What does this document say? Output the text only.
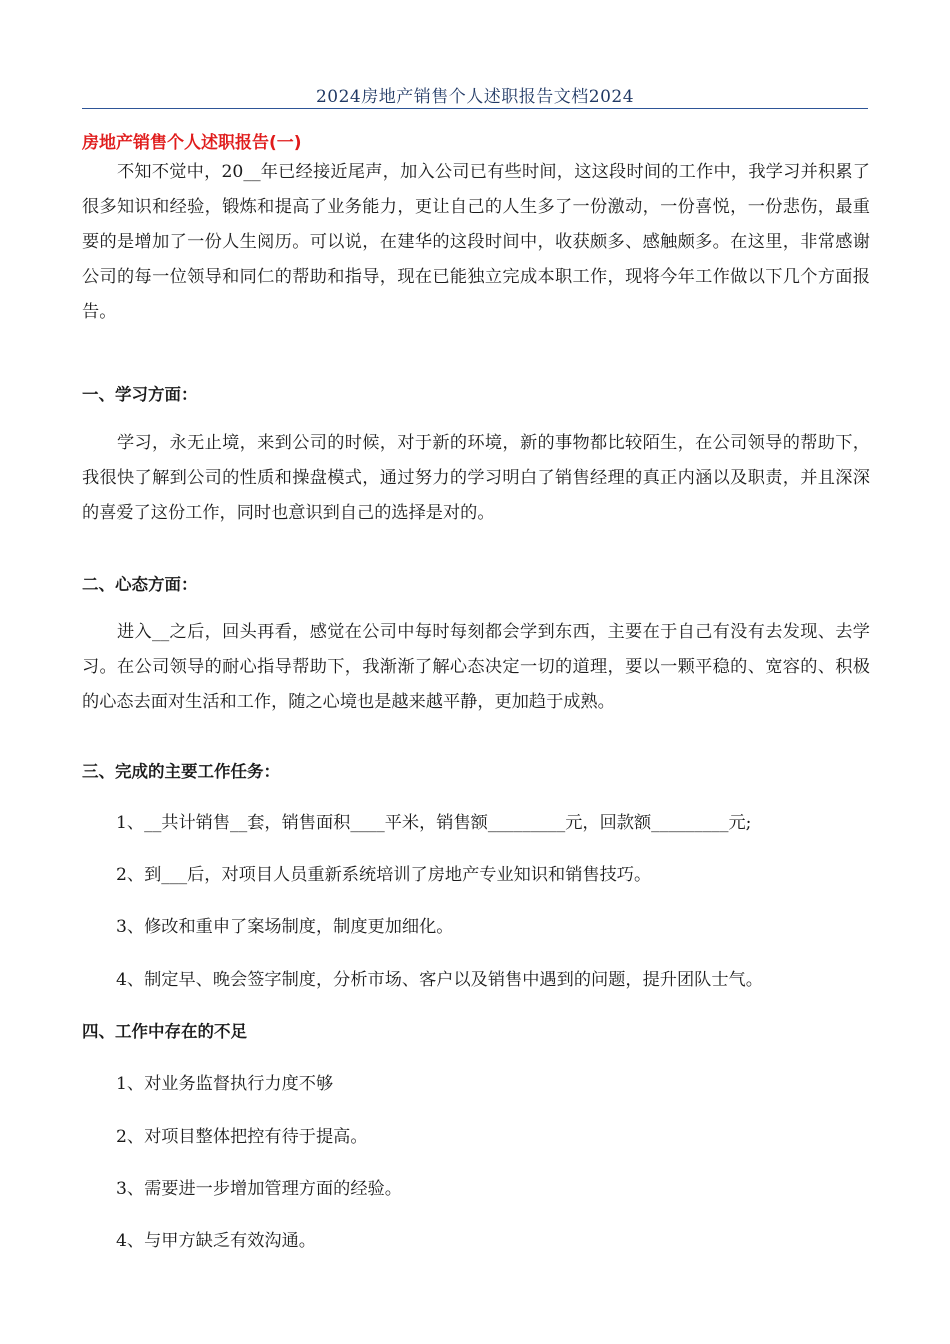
2024房地产销售个人述职报告文档2024
房地产销售个人述职报告(一)

不知不觉中，20__年已经接近尾声，加入公司已有些时间，这这段时间的工作中，我学习并积累了很多知识和经验，锻炼和提高了业务能力，更让自己的人生多了一份激动，一份喜悦，一份悲伤，最重要的是增加了一份人生阅历。可以说，在建华的这段时间中，收获颇多、感触颇多。在这里，非常感谢公司的每一位领导和同仁的帮助和指导，现在已能独立完成本职工作，现将今年工作做以下几个方面报告。

一、学习方面：

学习，永无止境，来到公司的时候，对于新的环境，新的事物都比较陌生，在公司领导的帮助下，我很快了解到公司的性质和操盘模式，通过努力的学习明白了销售经理的真正内涵以及职责，并且深深的喜爱了这份工作，同时也意识到自己的选择是对的。

二、心态方面：

进入__之后，回头再看，感觉在公司中每时每刻都会学到东西，主要在于自己有没有去发现、去学习。在公司领导的耐心指导帮助下，我渐渐了解心态决定一切的道理，要以一颗平稳的、宽容的、积极的心态去面对生活和工作，随之心境也是越来越平静，更加趋于成熟。

三、完成的主要工作任务：

1、__共计销售__套，销售面积____平米，销售额_________元，回款额_________元;

2、到___后，对项目人员重新系统培训了房地产专业知识和销售技巧。

3、修改和重申了案场制度，制度更加细化。

4、制定早、晚会签字制度，分析市场、客户以及销售中遇到的问题，提升团队士气。

四、工作中存在的不足

1、对业务监督执行力度不够

2、对项目整体把控有待于提高。

3、需要进一步增加管理方面的经验。

4、与甲方缺乏有效沟通。
